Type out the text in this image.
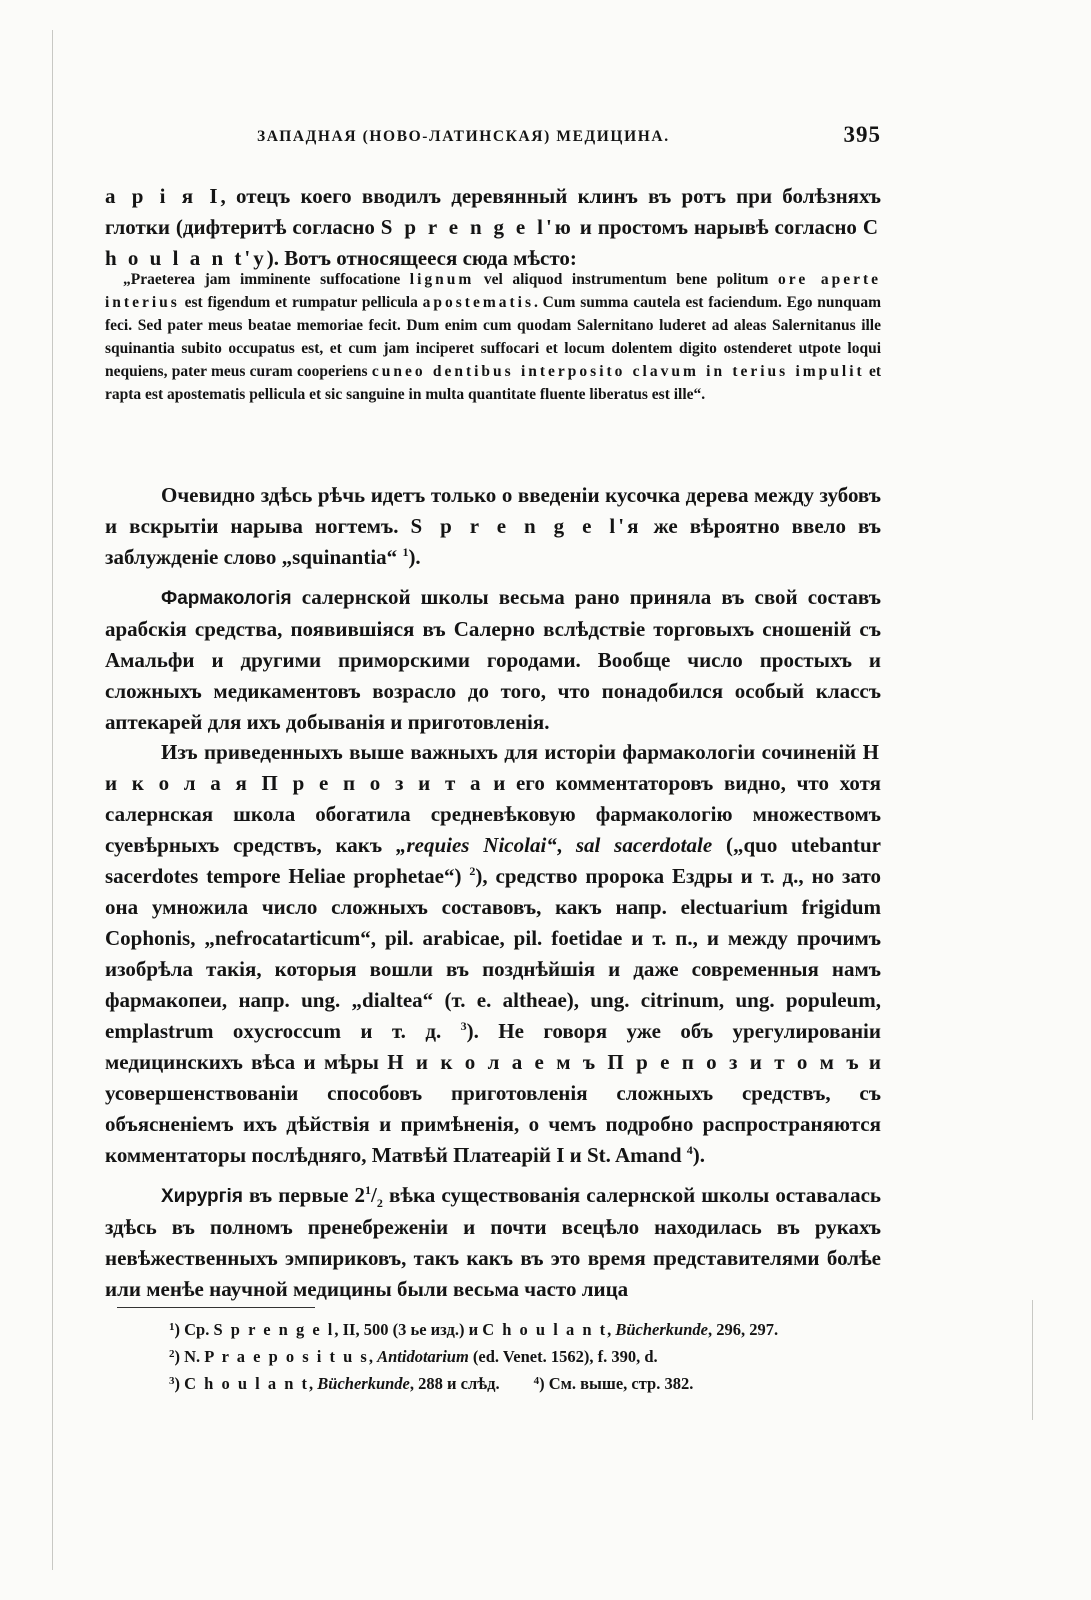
ЗАПАДНАЯ (НОВО-ЛАТИНСКАЯ) МЕДИЦИНА.	395

a p i я I, отецъ коего вводилъ деревянный клинъ въ ротъ при болѣзняхъ глотки (дифтеритѣ согласно S p r e n g e l'ю и простомъ нарывѣ согласно C h o u l a n t'у). Вотъ относящееся сюда мѣсто:

„Praeterea jam imminente suffocatione lignum vel aliquod instrumentum bene politum ore aperte interius est figendum et rumpatur pellicula apostematis. Cum summa cautela est faciendum. Ego nunquam feci. Sed pater meus beatae memoriae fecit. Dum enim cum quodam Salernitano luderet ad aleas Salernitanus ille squinantia subito occupatus est, et cum jam inciperet suffocari et locum dolentem digito ostenderet utpote loqui nequiens, pater meus curam cooperiens cuneo dentibus interposito clavum in terius impulit et rapta est apostematis pellicula et sic sanguine in multa quantitate fluente liberatus est ille“.

Очевидно здѣсь рѣчь идетъ только о введеніи кусочка дерева между зубовъ и вскрытіи нарыва ногтемъ. S p r e n g e l'я же вѣроятно ввело въ заблужденіе слово „squinantia“ $^1$).

Фармакологія салернской школы весьма рано приняла въ свой составъ арабскія средства, появившіяся въ Салерно вслѣдствіе торговыхъ сношеній съ Амальфи и другими приморскими городами. Вообще число простыхъ и сложныхъ медикаментовъ возрасло до того, что понадобился особый классъ аптекарей для ихъ добыванія и приготовленія.

Изъ приведенныхъ выше важныхъ для исторіи фармакологіи сочиненій Н и к о л а я П р е п о з и т а и его комментаторовъ видно, что хотя салернская школа обогатила средневѣковую фармакологію множествомъ суевѣрныхъ средствъ, какъ „requies Nicolai“, sal sacerdotale („quo utebantur sacerdotes tempore Heliae prophetae“) $^2$), средство пророка Ездры и т. д., но зато она умножила число сложныхъ составовъ, какъ напр. electuarium frigidum Cophonis, „nefrocatarticum“, pil. arabicae, pil. foetidae и т. п., и между прочимъ изобрѣла такія, которыя вошли въ позднѣйшія и даже современныя намъ фармакопеи, напр. ung. „dialtea“ (т. е. altheae), ung. citrinum, ung. populeum, emplastrum oxycroccum и т. д. $^3$). Не говоря уже объ урегулированіи медицинскихъ вѣса и мѣры Н и к о л а е м ъ П р е п о з и т о м ъ и усовершенствованіи способовъ приготовленія сложныхъ средствъ, съ объясненіемъ ихъ дѣйствія и примѣненія, о чемъ подробно распространяются комментаторы послѣдняго, Матвѣй Платеарій I и St. Amand $^4$).

Хирургія въ первые $2^1/_2$ вѣка существованія салернской школы оставалась здѣсь въ полномъ пренебреженіи и почти всецѣло находилась въ рукахъ невѣжественныхъ эмпириковъ, такъ какъ въ это время представителями болѣе или менѣе научной медицины были весьма часто лица

$^1$) Cp. S p r e n g e l, II, 500 (3 ье изд.) и C h o u l a n t, Bücherkunde, 296, 297.
$^2$) N. P r a e p o s i t u s, Antidotarium (ed. Venet. 1562), f. 390, d.
$^3$) C h o u l a n t, Bücherkunde, 288 и слѣд.	$^4$) См. выше, стр. 382.
